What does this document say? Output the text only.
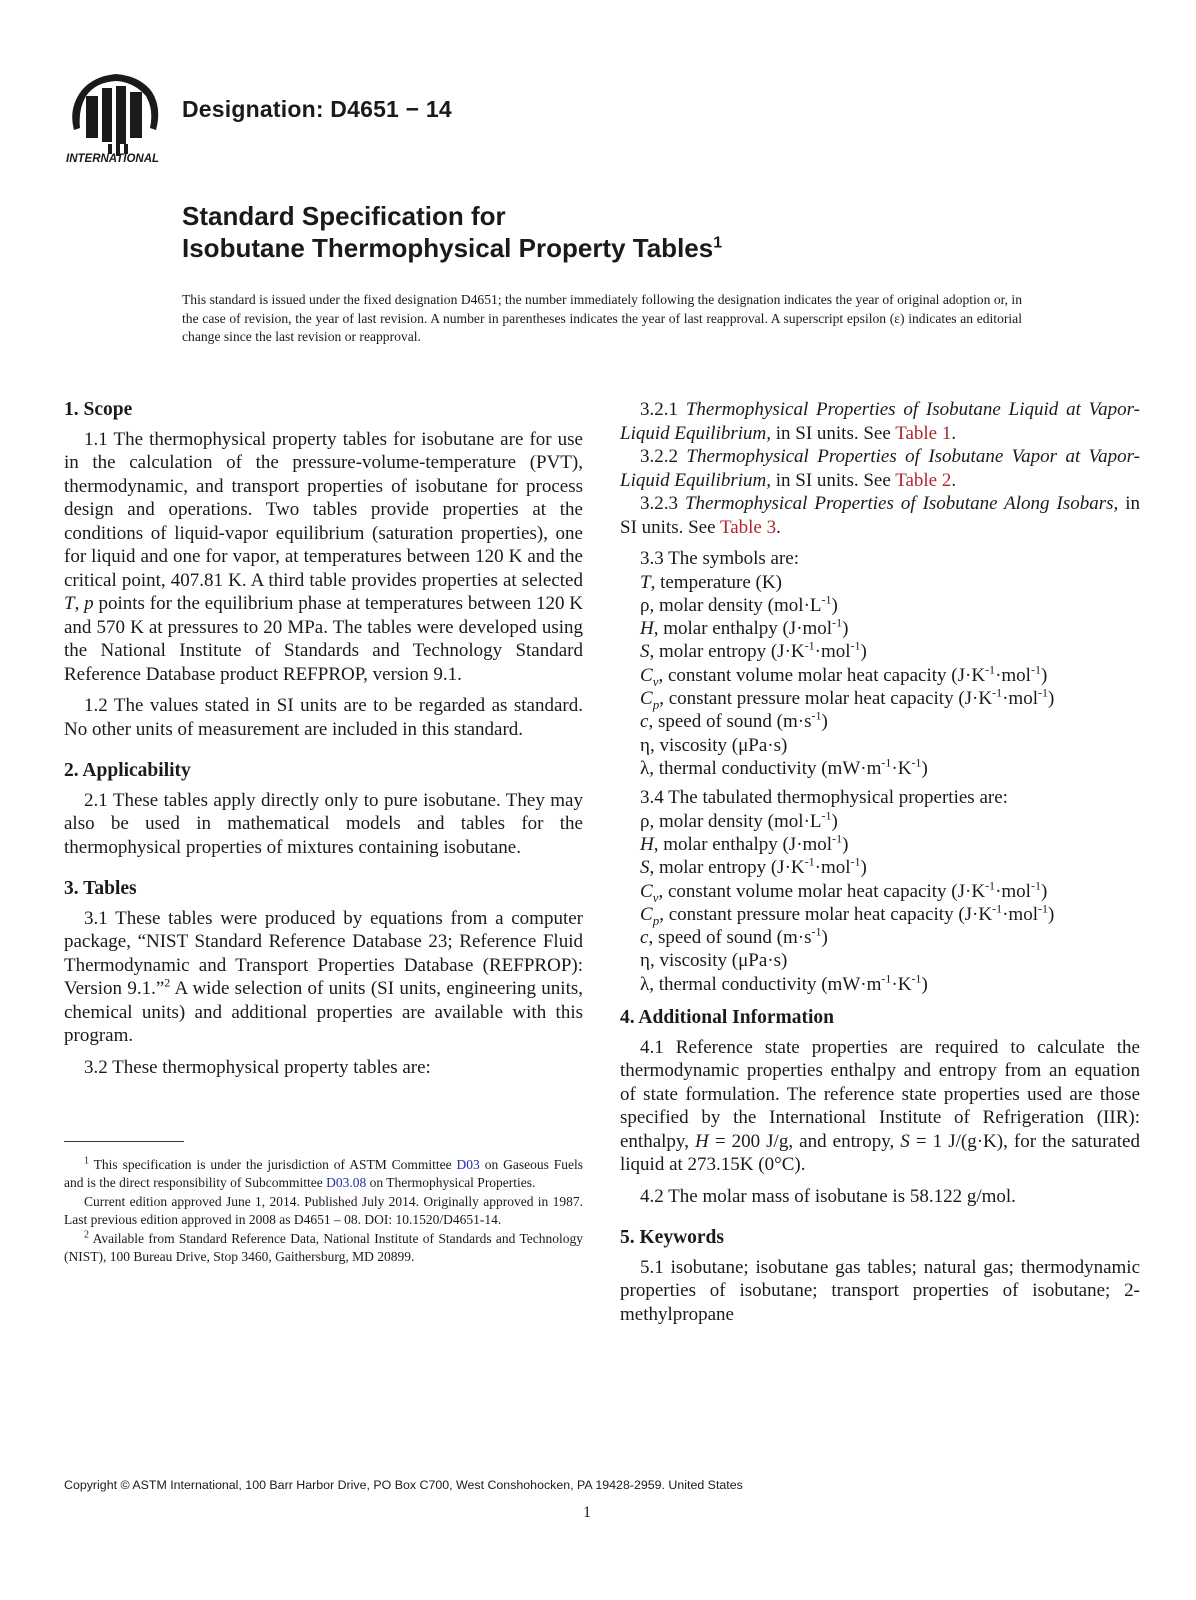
INTERNATIONAL
Designation: D4651 − 14
Standard Specification for
Isobutane Thermophysical Property Tables$^1$
This standard is issued under the fixed designation D4651; the number immediately following the designation indicates the year of original adoption or, in the case of revision, the year of last revision. A number in parentheses indicates the year of last reapproval. A superscript epsilon (ε) indicates an editorial change since the last revision or reapproval.
1. Scope

1.1 The thermophysical property tables for isobutane are for use in the calculation of the pressure-volume-temperature (PVT), thermodynamic, and transport properties of isobutane for process design and operations. Two tables provide properties at the conditions of liquid-vapor equilibrium (saturation properties), one for liquid and one for vapor, at temperatures between 120 K and the critical point, 407.81 K. A third table provides properties at selected T, p points for the equilibrium phase at temperatures between 120 K and 570 K at pressures to 20 MPa. The tables were developed using the National Institute of Standards and Technology Standard Reference Database product REFPROP, version 9.1.

1.2 The values stated in SI units are to be regarded as standard. No other units of measurement are included in this standard.

2. Applicability

2.1 These tables apply directly only to pure isobutane. They may also be used in mathematical models and tables for the thermophysical properties of mixtures containing isobutane.

3. Tables

3.1 These tables were produced by equations from a computer package, “NIST Standard Reference Database 23; Reference Fluid Thermodynamic and Transport Properties Database (REFPROP): Version 9.1.”$^2$ A wide selection of units (SI units, engineering units, chemical units) and additional properties are available with this program.

3.2 These thermophysical property tables are:

$^1$ This specification is under the jurisdiction of ASTM Committee D03 on Gaseous Fuels and is the direct responsibility of Subcommittee D03.08 on Thermophysical Properties.

Current edition approved June 1, 2014. Published July 2014. Originally approved in 1987. Last previous edition approved in 2008 as D4651 – 08. DOI: 10.1520/D4651-14.

$^2$ Available from Standard Reference Data, National Institute of Standards and Technology (NIST), 100 Bureau Drive, Stop 3460, Gaithersburg, MD 20899.

3.2.1 Thermophysical Properties of Isobutane Liquid at Vapor-Liquid Equilibrium, in SI units. See Table 1.

3.2.2 Thermophysical Properties of Isobutane Vapor at Vapor-Liquid Equilibrium, in SI units. See Table 2.

3.2.3 Thermophysical Properties of Isobutane Along Isobars, in SI units. See Table 3.

3.3 The symbols are:

T, temperature (K)
ρ, molar density $(mol\cdot L^{-1})$
H, molar enthalpy (J·mol$^{-1}$)
S, molar entropy $(J\cdot K^{-1}\cdot mol^{-1})$
$C_v$, constant volume molar heat capacity $(J\cdot K^{-1}\cdot mol^{-1})$
$C_p$, constant pressure molar heat capacity $(J\cdot K^{-1}\cdot mol^{-1})$
c, speed of sound $(m\cdot s^{-1})$
η, viscosity (μPa·s)
λ, thermal conductivity $(mW\cdot m^{-1}\cdot K^{-1})$

3.4 The tabulated thermophysical properties are:

ρ, molar density $(mol\cdot L^{-1})$
H, molar enthalpy (J·mol$^{-1}$)
S, molar entropy $(J\cdot K^{-1}\cdot mol^{-1})$
$C_v$, constant volume molar heat capacity $(J\cdot K^{-1}\cdot mol^{-1})$
$C_p$, constant pressure molar heat capacity $(J\cdot K^{-1}\cdot mol^{-1})$
c, speed of sound $(m\cdot s^{-1})$
η, viscosity (μPa·s)
λ, thermal conductivity $(mW\cdot m^{-1}\cdot K^{-1})$
4. Additional Information

4.1 Reference state properties are required to calculate the thermodynamic properties enthalpy and entropy from an equation of state formulation. The reference state properties used are those specified by the International Institute of Refrigeration (IIR): enthalpy, H = 200 J/g, and entropy, S = 1 J/(g·K), for the saturated liquid at 273.15K (0°C).

4.2 The molar mass of isobutane is 58.122 g/mol.

5. Keywords

5.1 isobutane; isobutane gas tables; natural gas; thermodynamic properties of isobutane; transport properties of isobutane; 2-methylpropane

Copyright © ASTM International, 100 Barr Harbor Drive, PO Box C700, West Conshohocken, PA 19428-2959. United States
1
